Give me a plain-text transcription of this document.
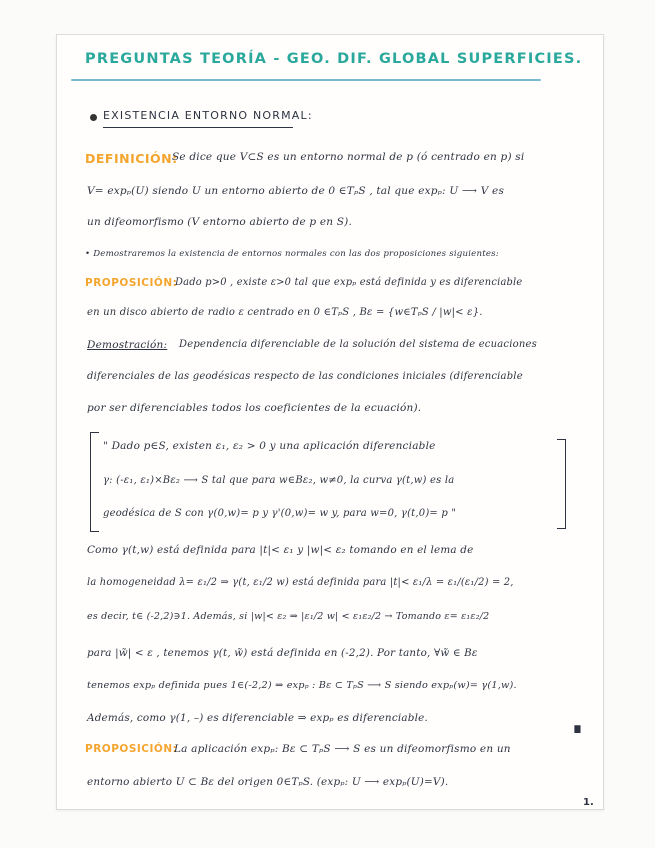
PREGUNTAS TEORÍA - GEO. DIF. GLOBAL SUPERFICIES.
EXISTENCIA ENTORNO NORMAL:
DEFINICIÓN:
Se dice que V⊂S es un entorno normal de p (ó centrado en p) si
V= expₚ(U) siendo U un entorno abierto de 0 ∈TₚS , tal que expₚ: U ⟶ V es
un difeomorfismo (V entorno abierto de p en S).
• Demostraremos la existencia de entornos normales con las dos proposiciones siguientes:
PROPOSICIÓN:
Dado p>0 , existe ε>0 tal que expₚ está definida y es diferenciable
en un disco abierto de radio ε centrado en 0 ∈TₚS , Bε = {w∈TₚS / |w|< ε}.
Demostración: Dependencia diferenciable de la solución del sistema de ecuaciones
diferenciales de las geodésicas respecto de las condiciones iniciales (diferenciable
por ser diferenciables todos los coeficientes de la ecuación).
" Dado p∈S, existen ε₁, ε₂ > 0 y una aplicación diferenciable
γ: (-ε₁, ε₁)×Bε₂ ⟶ S tal que para w∈Bε₂, w≠0, la curva γ(t,w) es la
geodésica de S con γ(0,w)= p y γ'(0,w)= w y, para w=0, γ(t,0)= p "
Como γ(t,w) está definida para |t|< ε₁ y |w|< ε₂ tomando en el lema de
la homogeneidad λ= ε₁/2 ⇒ γ(t, ε₁/2 w) está definida para |t|< ε₁/λ = ε₁/(ε₁/2) = 2,
es decir, t∈ (-2,2)∋1. Además, si |w|< ε₂ ⇒ |ε₁/2 w| < ε₁ε₂/2 → Tomando ε= ε₁ε₂/2
para |w̃| < ε , tenemos γ(t, w̃) está definida en (-2,2). Por tanto, ∀w̃ ∈ Bε
tenemos expₚ definida pues 1∈(-2,2) ⇒ expₚ : Bε ⊂ TₚS ⟶ S siendo expₚ(w)= γ(1,w).
Además, como γ(1, –) es diferenciable ⇒ expₚ es diferenciable.
∎
PROPOSICIÓN:
La aplicación expₚ: Bε ⊂ TₚS ⟶ S es un difeomorfismo en un
entorno abierto U ⊂ Bε del origen 0∈TₚS. (expₚ: U ⟶ expₚ(U)=V).
1.
